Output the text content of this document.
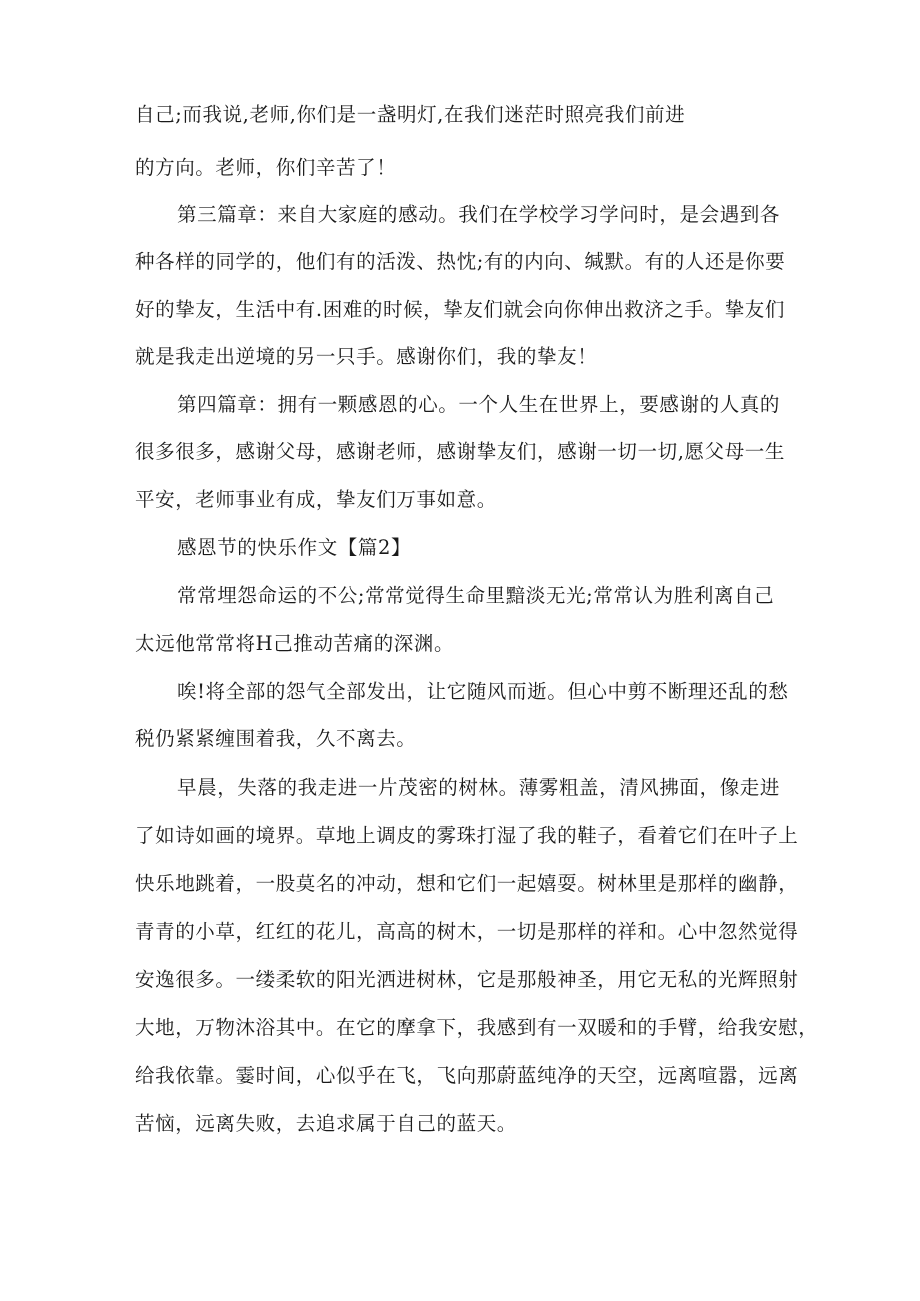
自己;而我说,老师,你们是一盏明灯,在我们迷茫时照亮我们前进

的方向。老师，你们辛苦了！

第三篇章：来自大家庭的感动。我们在学校学习学问时，是会遇到各

种各样的同学的，他们有的活泼、热忱;有的内向、缄默。有的人还是你要

好的挚友，生活中有.困难的时候，挚友们就会向你伸出救济之手。挚友们

就是我走出逆境的另一只手。感谢你们，我的挚友！

第四篇章：拥有一颗感恩的心。一个人生在世界上，要感谢的人真的

很多很多，感谢父母，感谢老师，感谢挚友们，感谢一切一切,愿父母一生

平安，老师事业有成，挚友们万事如意。

感恩节的快乐作文【篇2】

常常埋怨命运的不公;常常觉得生命里黯淡无光;常常认为胜利离自己

太远他常常将H己推动苦痛的深渊。

唉!将全部的怨气全部发出，让它随风而逝。但心中剪不断理还乱的愁

税仍紧紧缠围着我，久不离去。

早晨，失落的我走进一片茂密的树林。薄雾粗盖，清风拂面，像走进

了如诗如画的境界。草地上调皮的雾珠打湿了我的鞋子，看着它们在叶子上

快乐地跳着，一股莫名的冲动，想和它们一起嬉耍。树林里是那样的幽静，

青青的小草，红红的花儿，高高的树木，一切是那样的祥和。心中忽然觉得

安逸很多。一缕柔软的阳光洒进树林，它是那般神圣，用它无私的光辉照射

大地，万物沐浴其中。在它的摩拿下，我感到有一双暖和的手臂，给我安慰，

给我依靠。霎时间，心似乎在飞，飞向那蔚蓝纯净的天空，远离喧嚣，远离

苦恼，远离失败，去追求属于自己的蓝天。
